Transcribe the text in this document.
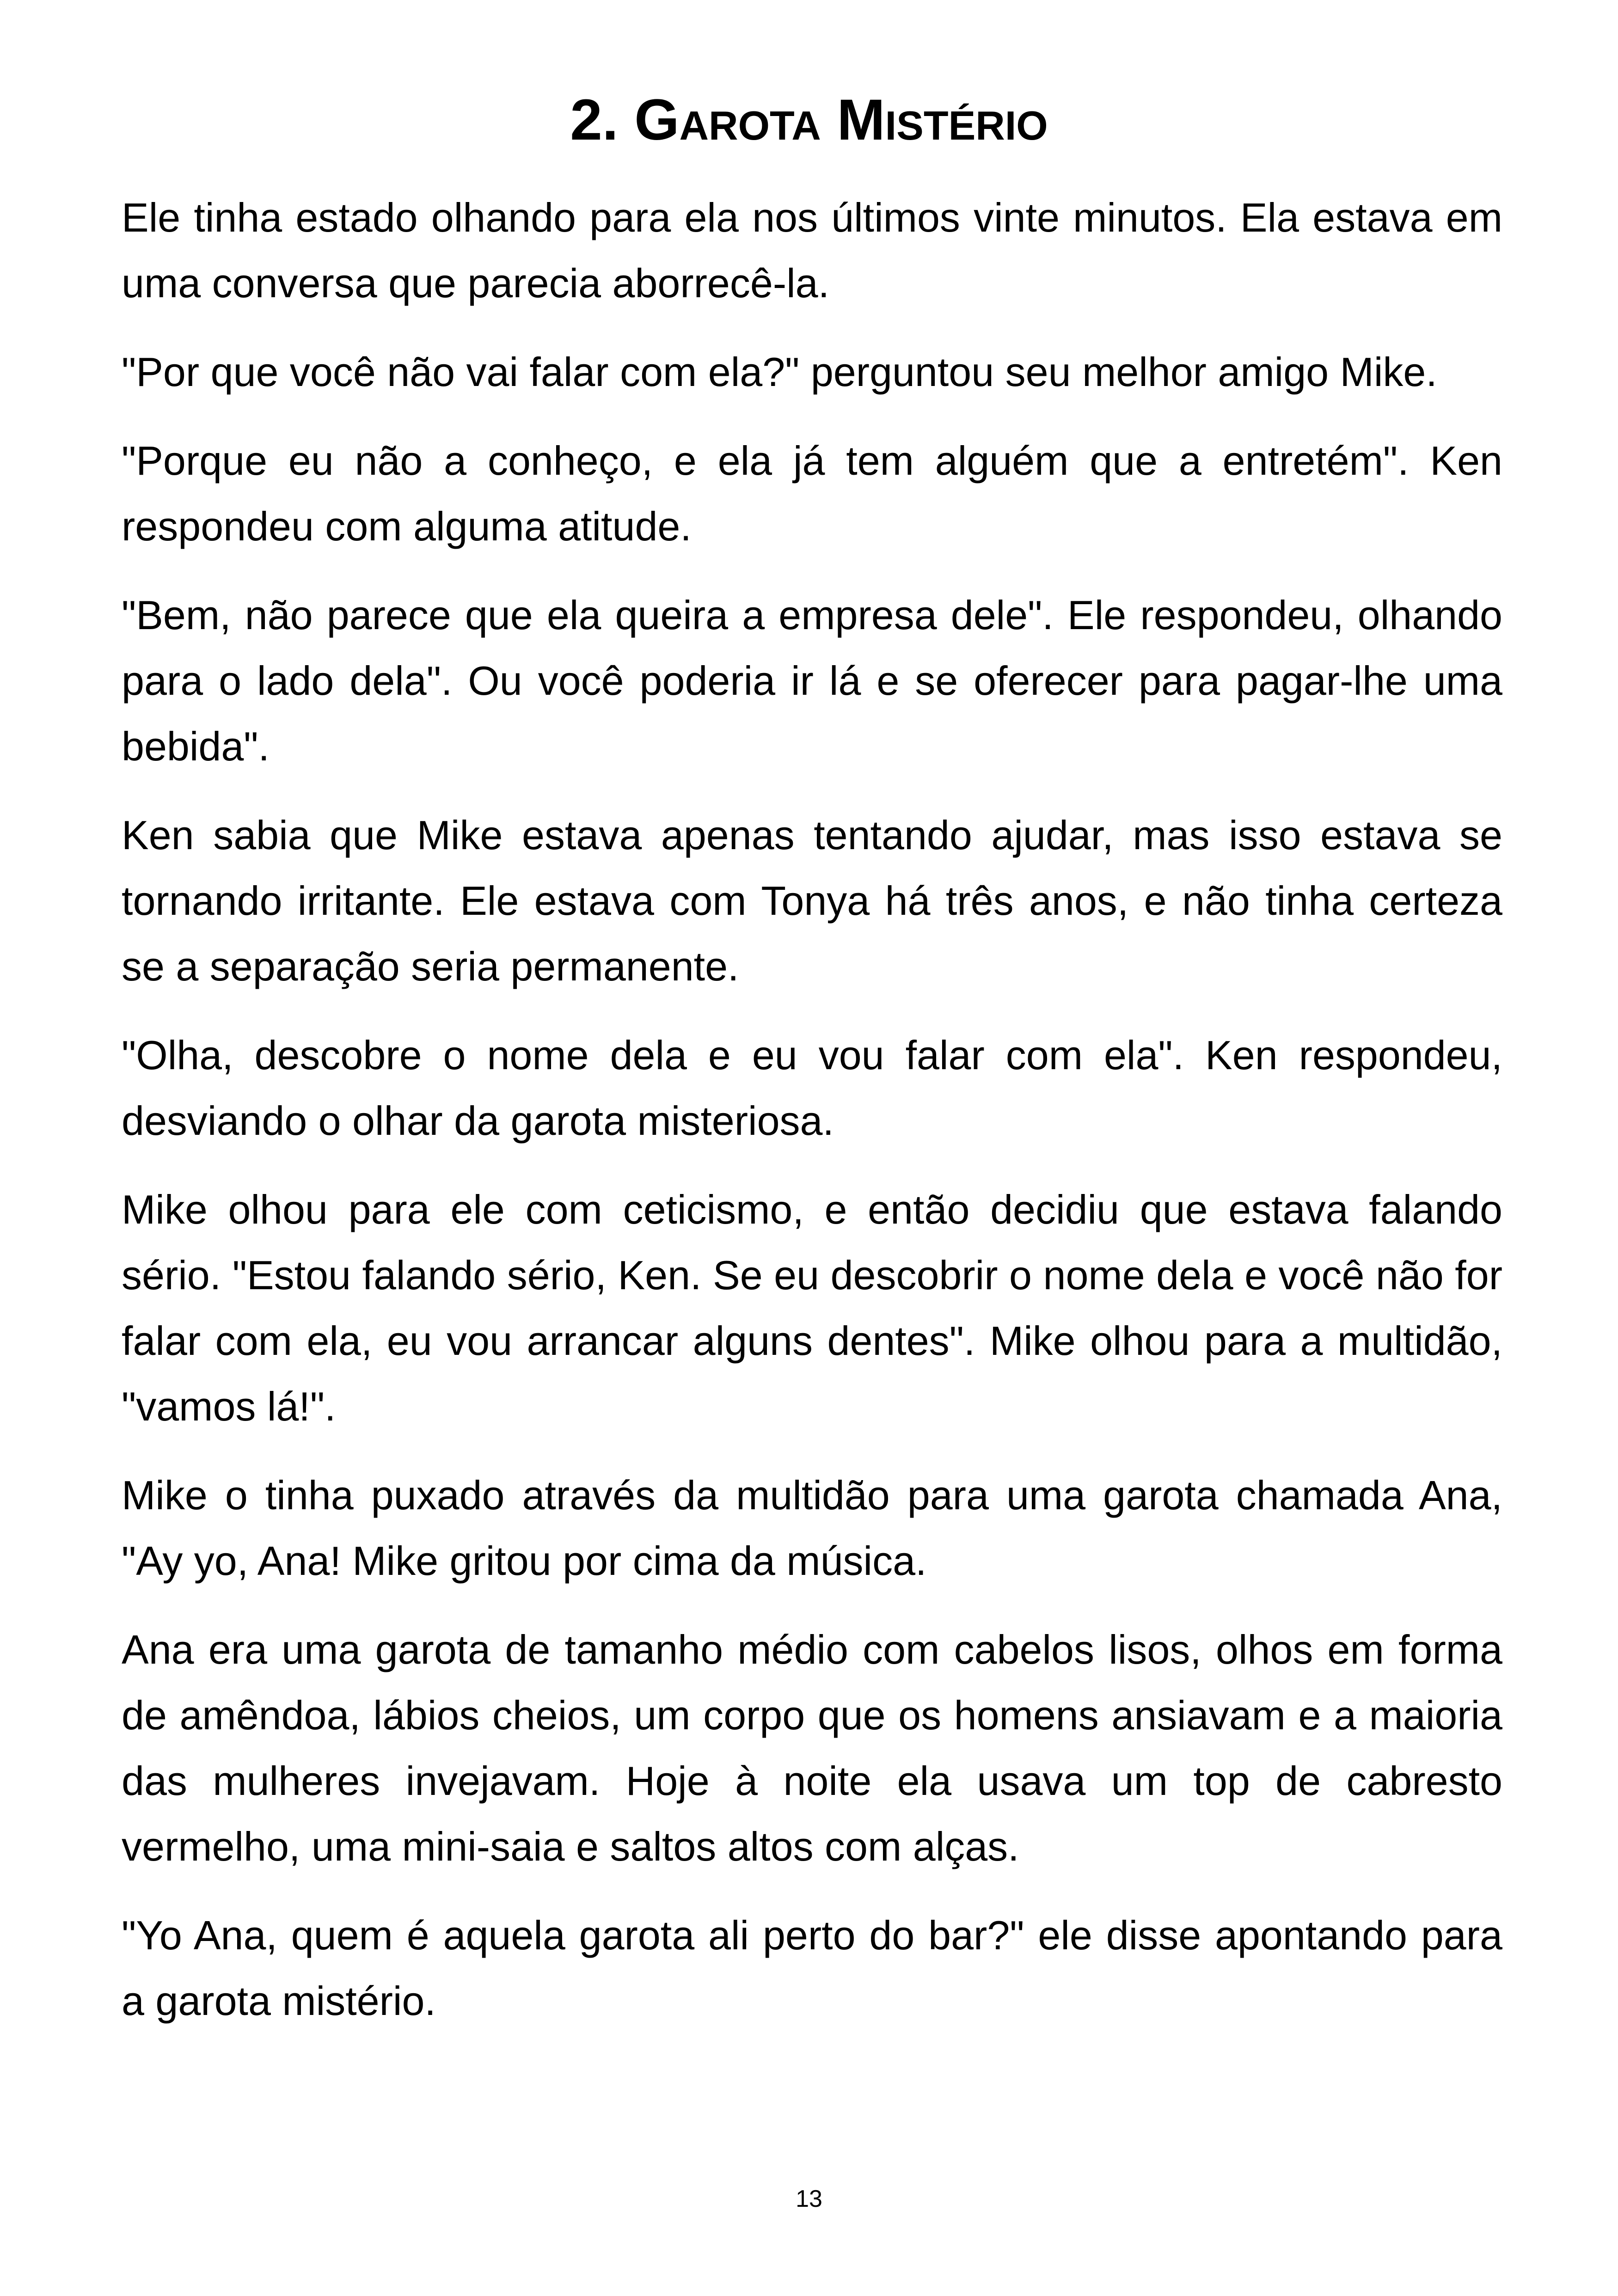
2. Garota Mistério

Ele tinha estado olhando para ela nos últimos vinte minutos. Ela estava em uma conversa que parecia aborrecê-la.

"Por que você não vai falar com ela?" perguntou seu melhor amigo Mike.

"Porque eu não a conheço, e ela já tem alguém que a entretém". Ken respondeu com alguma atitude.

"Bem, não parece que ela queira a empresa dele". Ele respondeu, olhando para o lado dela". Ou você poderia ir lá e se oferecer para pagar-lhe uma bebida".

Ken sabia que Mike estava apenas tentando ajudar, mas isso estava se tornando irritante. Ele estava com Tonya há três anos, e não tinha certeza se a separação seria permanente.

"Olha, descobre o nome dela e eu vou falar com ela". Ken respondeu, desviando o olhar da garota misteriosa.

Mike olhou para ele com ceticismo, e então decidiu que estava falando sério. "Estou falando sério, Ken. Se eu descobrir o nome dela e você não for falar com ela, eu vou arrancar alguns dentes". Mike olhou para a multidão, "vamos lá!".

Mike o tinha puxado através da multidão para uma garota chamada Ana, "Ay yo, Ana! Mike gritou por cima da música.

Ana era uma garota de tamanho médio com cabelos lisos, olhos em forma de amêndoa, lábios cheios, um corpo que os homens ansiavam e a maioria das mulheres invejavam. Hoje à noite ela usava um top de cabresto vermelho, uma mini-saia e saltos altos com alças.

"Yo Ana, quem é aquela garota ali perto do bar?" ele disse apontando para a garota mistério.

13
